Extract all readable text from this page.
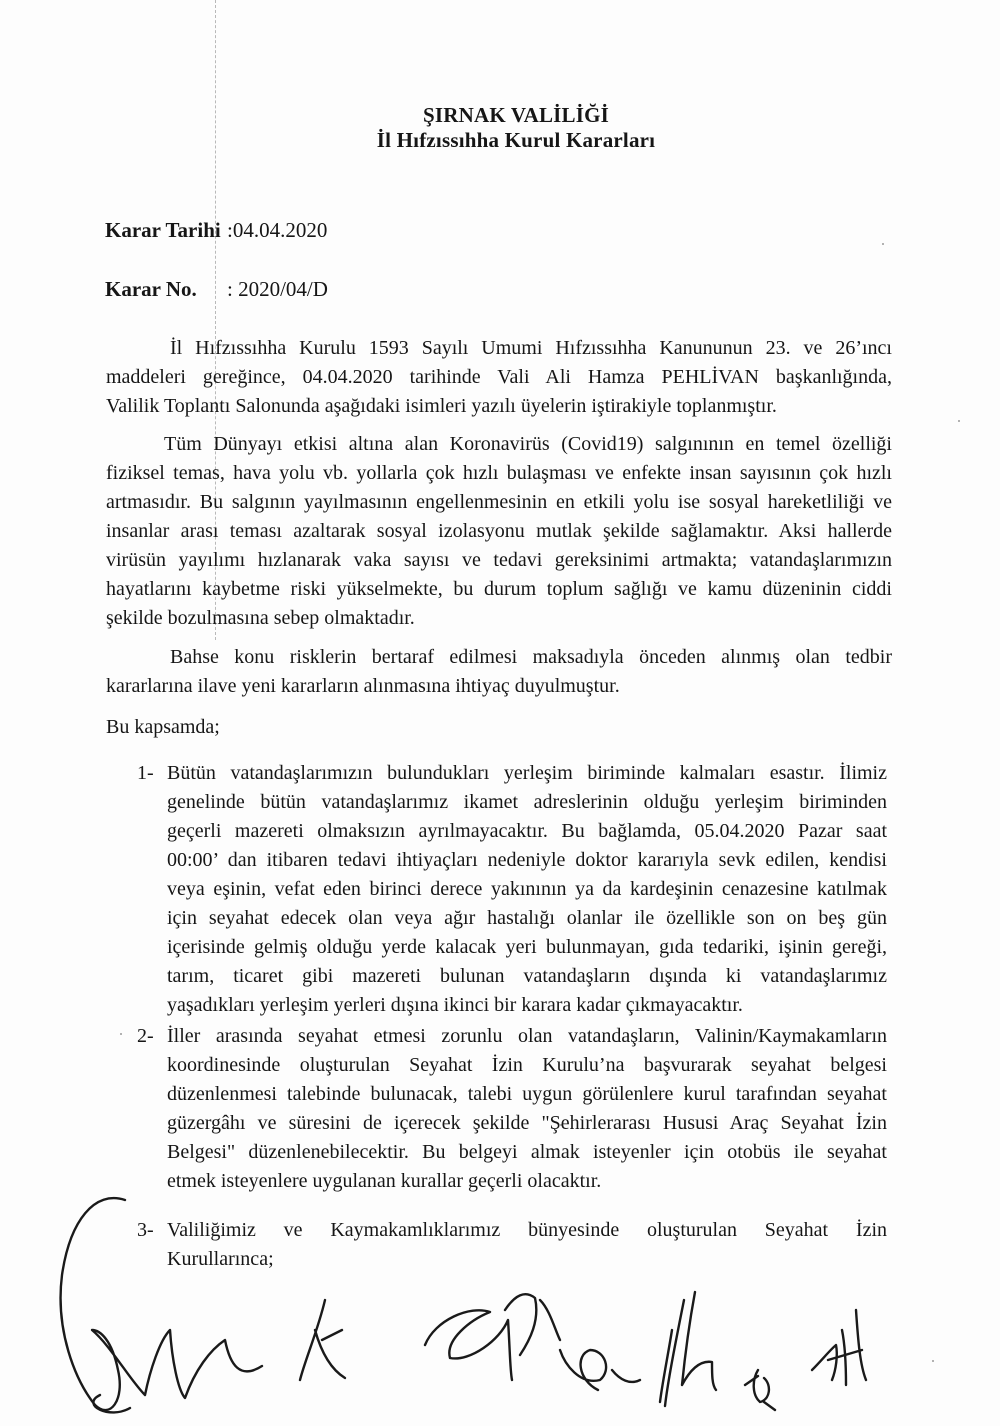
ŞIRNAK VALİLİĞİ
İl Hıfzıssıhha Kurul Kararları
Karar Tarihi :04.04.2020
Karar No. : 2020/04/D
İl Hıfzıssıhha Kurulu 1593 Sayılı Umumi Hıfzıssıhha Kanununun 23. ve 26’ıncı
maddeleri gereğince, 04.04.2020 tarihinde Vali Ali Hamza PEHLİVAN başkanlığında,
Valilik Toplantı Salonunda aşağıdaki isimleri yazılı üyelerin iştirakiyle toplanmıştır.
Tüm Dünyayı etkisi altına alan Koronavirüs (Covid19) salgınının en temel özelliği
fiziksel temas, hava yolu vb. yollarla çok hızlı bulaşması ve enfekte insan sayısının çok hızlı
artmasıdır. Bu salgının yayılmasının engellenmesinin en etkili yolu ise sosyal hareketliliği ve
insanlar arası teması azaltarak sosyal izolasyonu mutlak şekilde sağlamaktır. Aksi hallerde
virüsün yayılımı hızlanarak vaka sayısı ve tedavi gereksinimi artmakta; vatandaşlarımızın
hayatlarını kaybetme riski yükselmekte, bu durum toplum sağlığı ve kamu düzeninin ciddi
şekilde bozulmasına sebep olmaktadır.
Bahse konu risklerin bertaraf edilmesi maksadıyla önceden alınmış olan tedbir
kararlarına ilave yeni kararların alınmasına ihtiyaç duyulmuştur.
Bu kapsamda;
1- Bütün vatandaşlarımızın bulundukları yerleşim biriminde kalmaları esastır. İlimiz
genelinde bütün vatandaşlarımız ikamet adreslerinin olduğu yerleşim biriminden
geçerli mazereti olmaksızın ayrılmayacaktır. Bu bağlamda, 05.04.2020 Pazar saat
00:00’ dan itibaren tedavi ihtiyaçları nedeniyle doktor kararıyla sevk edilen, kendisi
veya eşinin, vefat eden birinci derece yakınının ya da kardeşinin cenazesine katılmak
için seyahat edecek olan veya ağır hastalığı olanlar ile özellikle son on beş gün
içerisinde gelmiş olduğu yerde kalacak yeri bulunmayan, gıda tedariki, işinin gereği,
tarım, ticaret gibi mazereti bulunan vatandaşların dışında ki vatandaşlarımız
yaşadıkları yerleşim yerleri dışına ikinci bir karara kadar çıkmayacaktır.
2- İller arasında seyahat etmesi zorunlu olan vatandaşların, Valinin/Kaymakamların
koordinesinde oluşturulan Seyahat İzin Kurulu’na başvurarak seyahat belgesi
düzenlenmesi talebinde bulunacak, talebi uygun görülenlere kurul tarafından seyahat
güzergâhı ve süresini de içerecek şekilde "Şehirlerarası Hususi Araç Seyahat İzin
Belgesi" düzenlenebilecektir. Bu belgeyi almak isteyenler için otobüs ile seyahat
etmek isteyenlere uygulanan kurallar geçerli olacaktır.
3- Valiliğimiz ve Kaymakamlıklarımız bünyesinde oluşturulan Seyahat İzin
Kurullarınca;
